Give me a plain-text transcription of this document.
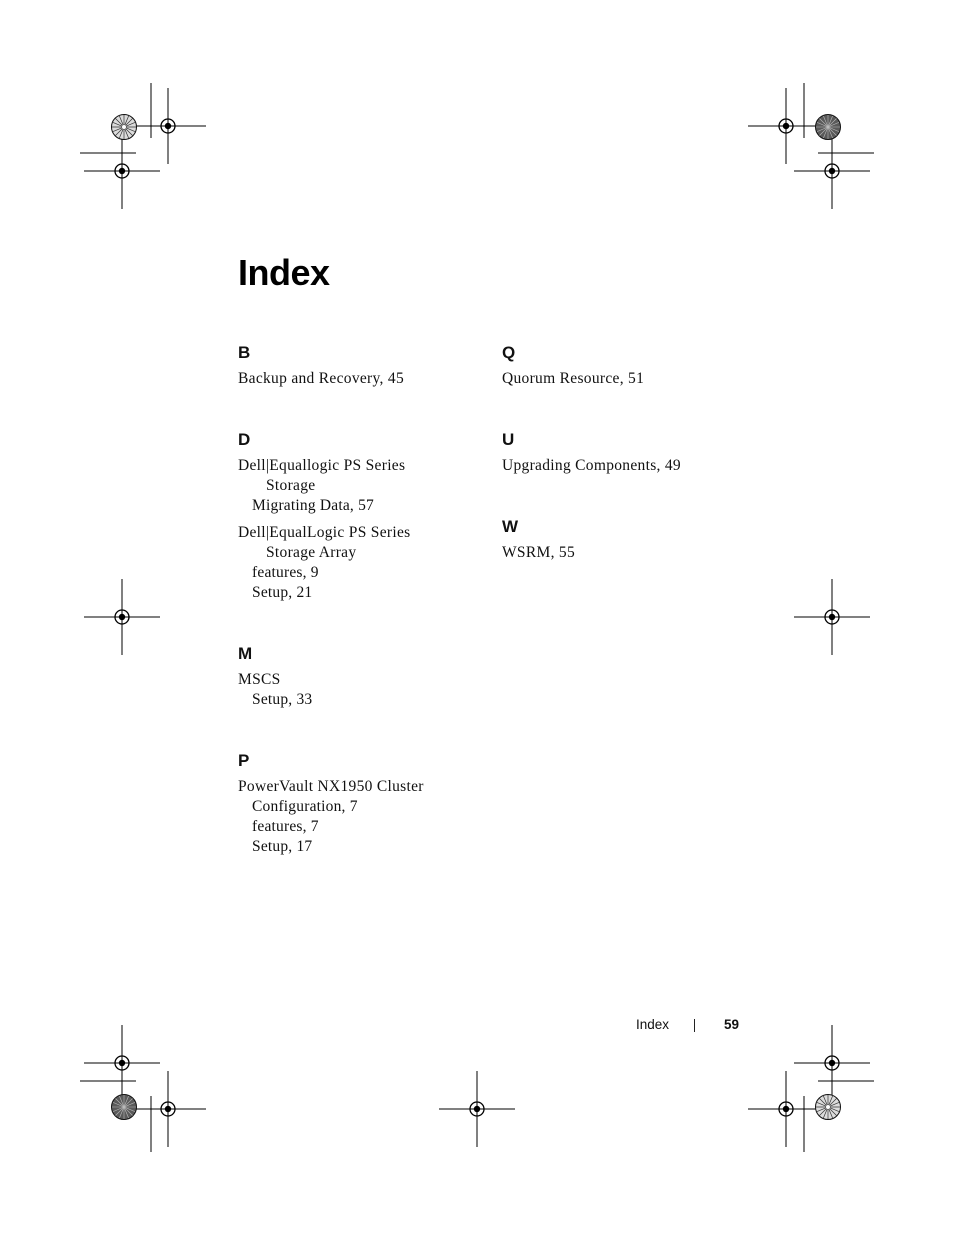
Index
B
Backup and Recovery, 45
D
Dell|Equallogic PS Series
Storage
Migrating Data, 57
Dell|EqualLogic PS Series
Storage Array
features, 9
Setup, 21
M
MSCS
Setup, 33
P
PowerVault NX1950 Cluster
Configuration, 7
features, 7
Setup, 17
Q
Quorum Resource, 51
U
Upgrading Components, 49
W
WSRM, 55
Index	59
